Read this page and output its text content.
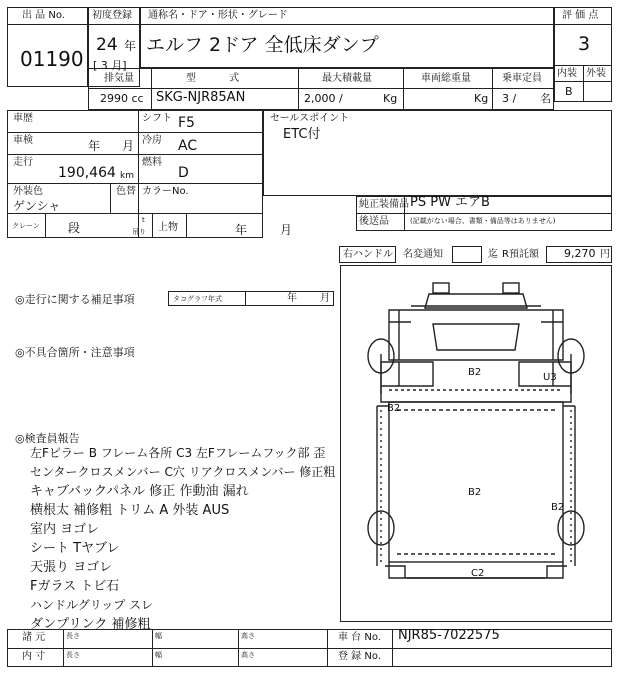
出 品 No.
01190
初度登録
24 年
[ 3 月]
通称名・ドア・形状・グレード
エルフ 2ドア 全低床ダンプ
評 価 点
3
内装 外装
B
排気量
2990 cc
型 式
SKG-NJR85AN
最大積載量
2,000 /	Kg
車両総重量
Kg
乗車定員
3 / 名
車歴
車検	年 月
走行
190,464 km
シフト F5
冷房 AC
燃料
D
外装色
ゲンシャ
色替 カラーNo.
クレーン 段
t
吊り 上物	年	月
セールスポイント
ETC付
純正装備品 PS PW エアB
後送品	(記載がない場合、書類・備品等はありません)
右ハンドル 名変通知	迄 R預託額 9,270 円
◎走行に関する補足事項	タコグラフ年式	年 月
◎不具合箇所・注意事項
◎検査員報告
左Fピラー B フレーム各所 C3 左Fフレームフック部 歪
センタークロスメンバー C穴 リアクロスメンバー 修正粗
キャブバックパネル 修正 作動油 漏れ
横根太 補修粗 トリム A 外装 AUS
室内 ヨゴレ
シート Tヤブレ
天張り ヨゴレ
Fガラス トビ石
ハンドルグリップ スレ
ダンプリンク 補修粗
B2	U3
B2
B2
B2
C2
諸 元
内 寸
長さ
長さ
幅
幅
高さ
高さ
車 台 No. NJR85-7022575
登 録 No.
